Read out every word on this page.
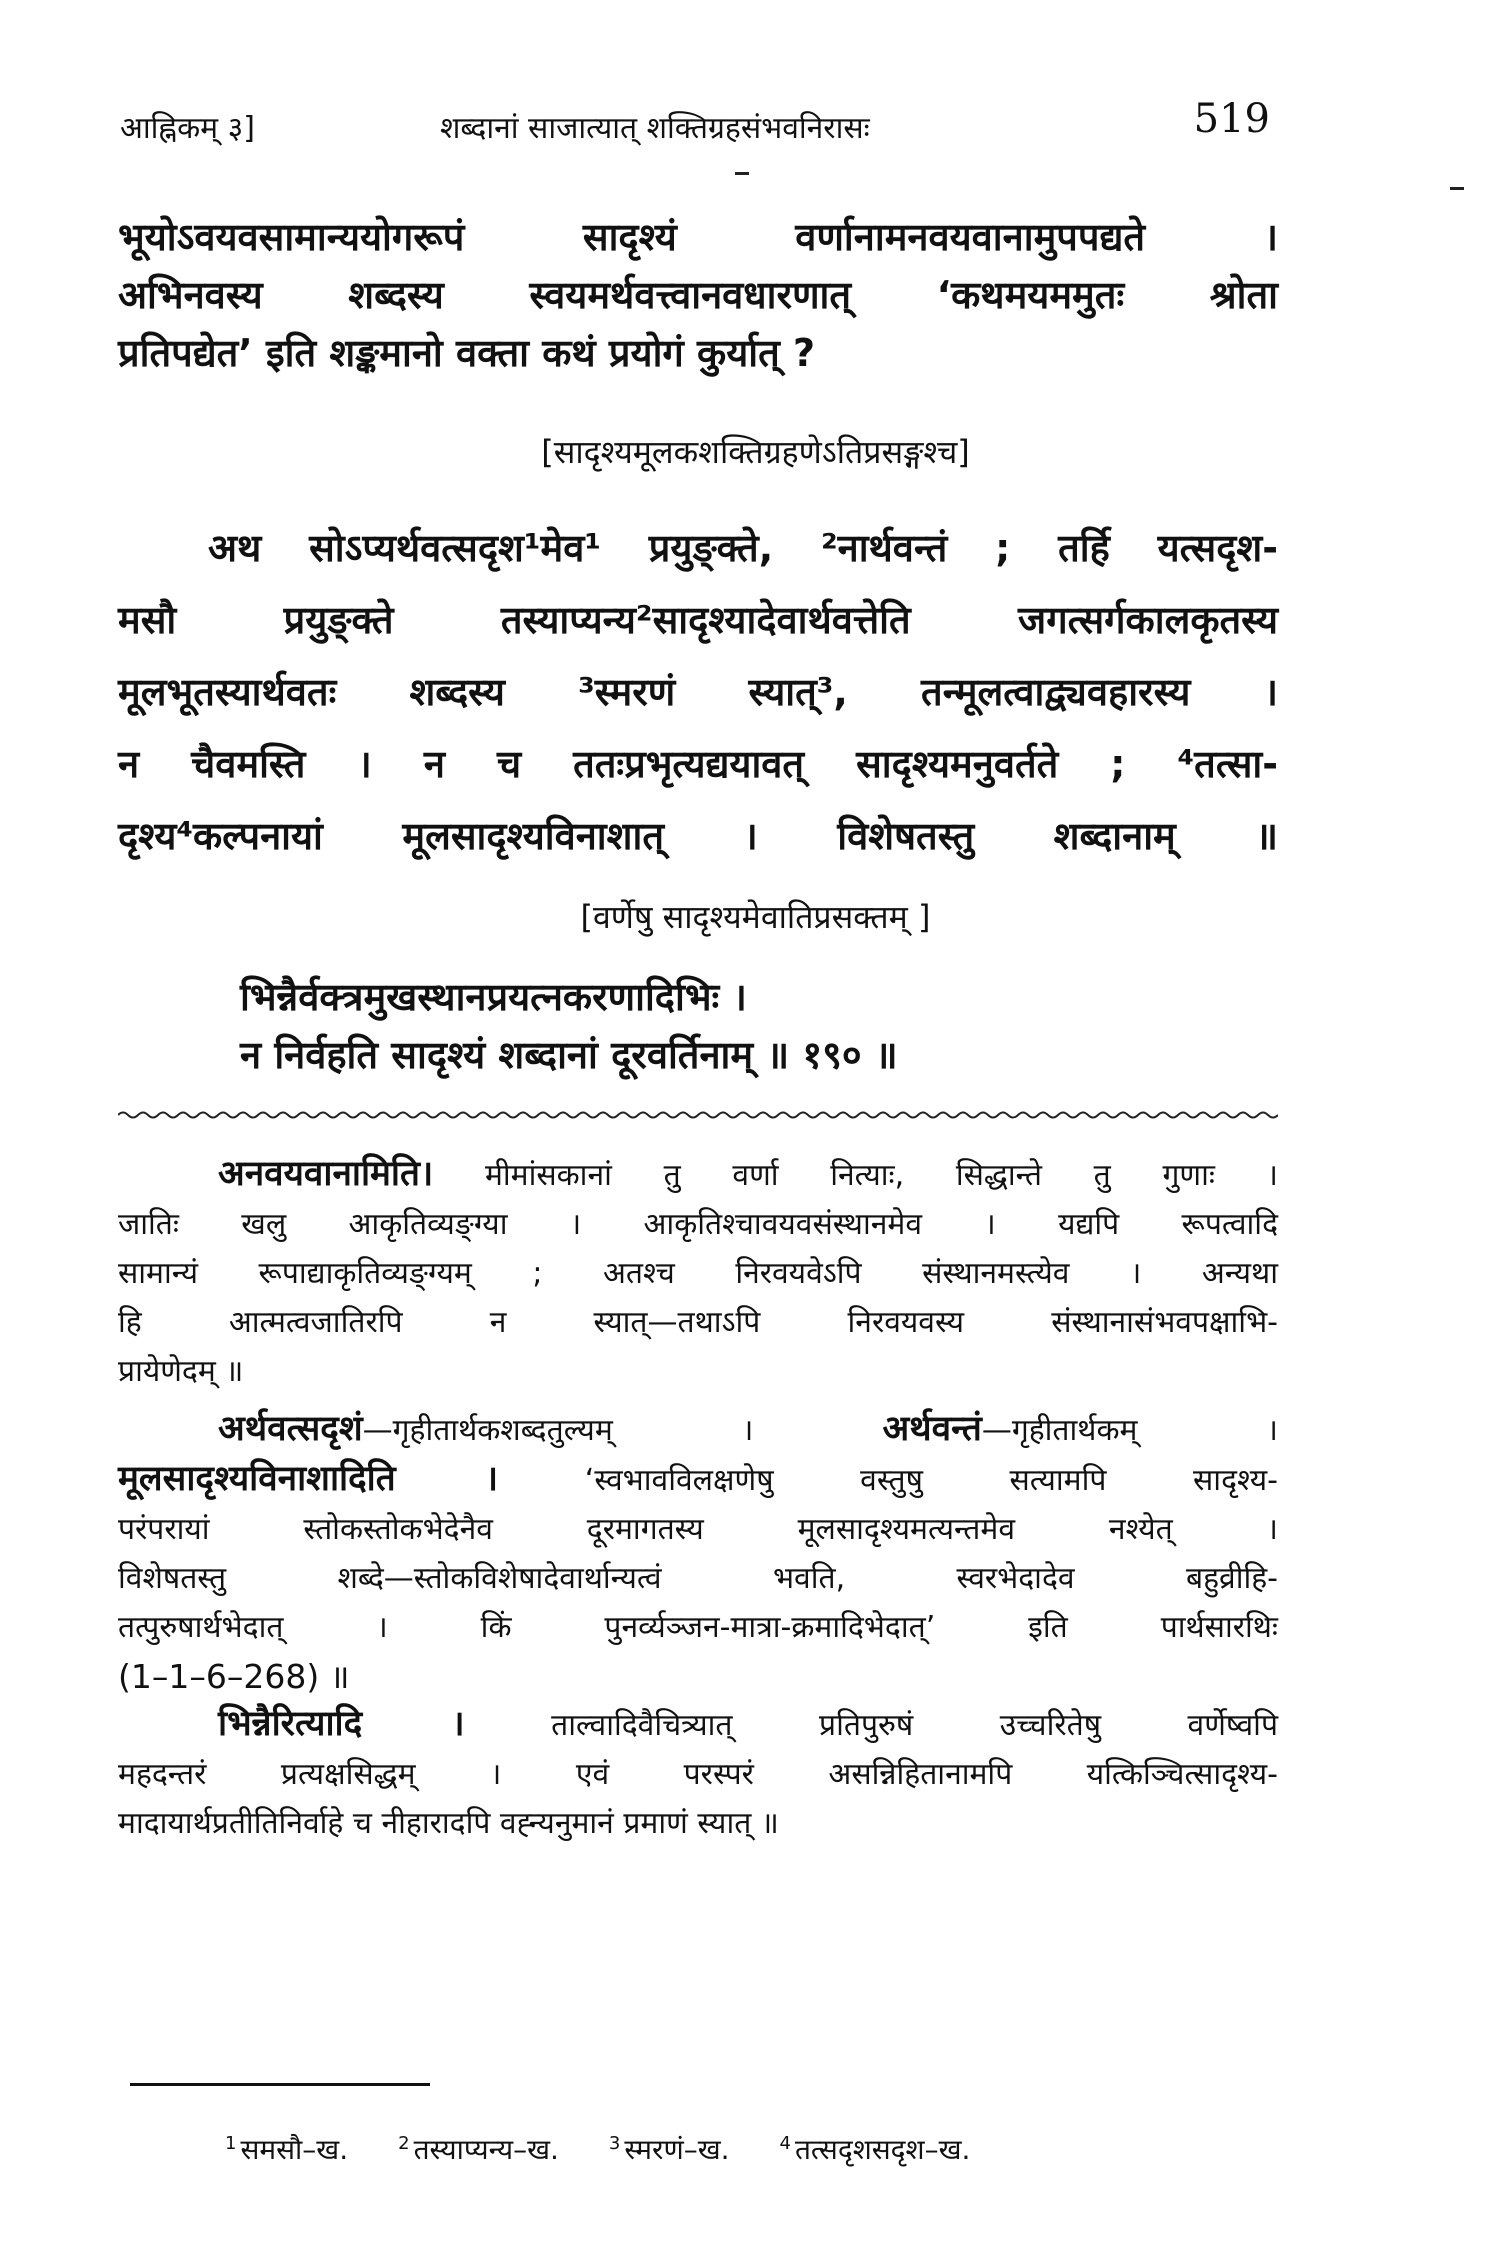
आह्निकम् ३]	शब्दानां साजात्यात् शक्तिग्रहसंभवनिरासः	519

भूयोऽवयवसामान्ययोगरूपं सादृश्यं वर्णानामनवयवानामुपपद्यते ।

अभिनवस्य शब्दस्य स्वयमर्थवत्त्वानवधारणात् ‘कथमयममुतः श्रोता

प्रतिपद्येत’ इति शङ्कमानो वक्ता कथं प्रयोगं कुर्यात् ?

[सादृश्यमूलकशक्तिग्रहणेऽतिप्रसङ्गश्च]

अथ सोऽप्यर्थवत्सदृश¹मेव¹ प्रयुङ्क्ते, ²नार्थवन्तं ; तर्हि यत्सदृश-

मसौ प्रयुङ्क्ते तस्याप्यन्य²सादृश्यादेवार्थवत्तेति जगत्सर्गकालकृतस्य

मूलभूतस्यार्थवतः शब्दस्य ³स्मरणं स्यात्³, तन्मूलत्वाद्व्यवहारस्य ।

न चैवमस्ति । न च ततःप्रभृत्यद्ययावत् सादृश्यमनुवर्तते ; ⁴तत्सा-

दृश्य⁴कल्पनायां मूलसादृश्यविनाशात् । विशेषतस्तु शब्दानाम् ॥

[वर्णेषु सादृश्यमेवातिप्रसक्तम् ]

भिन्नैर्वक्त्रमुखस्थानप्रयत्नकरणादिभिः ।

न निर्वहति सादृश्यं शब्दानां दूरवर्तिनाम् ॥ १९० ॥

अनवयवानामिति। मीमांसकानां तु वर्णा नित्याः, सिद्धान्ते तु गुणाः ।

जातिः खलु आकृतिव्यङ्ग्या । आकृतिश्चावयवसंस्थानमेव । यद्यपि रूपत्वादि

सामान्यं रूपाद्याकृतिव्यङ्ग्यम् ; अतश्च निरवयवेऽपि संस्थानमस्त्येव । अन्यथा

हि आत्मत्वजातिरपि न स्यात्—तथाऽपि निरवयवस्य संस्थानासंभवपक्षाभि-

प्रायेणेदम् ॥

अर्थवत्सदृशं—गृहीतार्थकशब्दतुल्यम् ।	अर्थवन्तं—गृहीतार्थकम् ।

मूलसादृश्यविनाशादिति ।	‘स्वभावविलक्षणेषु वस्तुषु सत्यामपि सादृश्य-

परंपरायां स्तोकस्तोकभेदेनैव दूरमागतस्य मूलसादृश्यमत्यन्तमेव नश्येत् ।

विशेषतस्तु शब्दे—स्तोकविशेषादेवार्थान्यत्वं भवति, स्वरभेदादेव बहुव्रीहि-

तत्पुरुषार्थभेदात् । किं पुनर्व्यञ्जन-मात्रा-क्रमादिभेदात्’ इति पार्थसारथिः

(1–1–6–268) ॥

भिन्नैरित्यादि ।	ताल्वादिवैचित्र्यात् प्रतिपुरुषं उच्चरितेषु वर्णेष्वपि

महदन्तरं प्रत्यक्षसिद्धम् । एवं परस्परं असन्निहितानामपि यत्किञ्चित्सादृश्य-

मादायार्थप्रतीतिनिर्वाहे च नीहारादपि वह्न्यनुमानं प्रमाणं स्यात् ॥

$^1$ समसौ–ख.	$^2$ तस्याप्यन्य–ख.	$^3$ स्मरणं–ख.	$^4$ तत्सदृशसदृश–ख.
